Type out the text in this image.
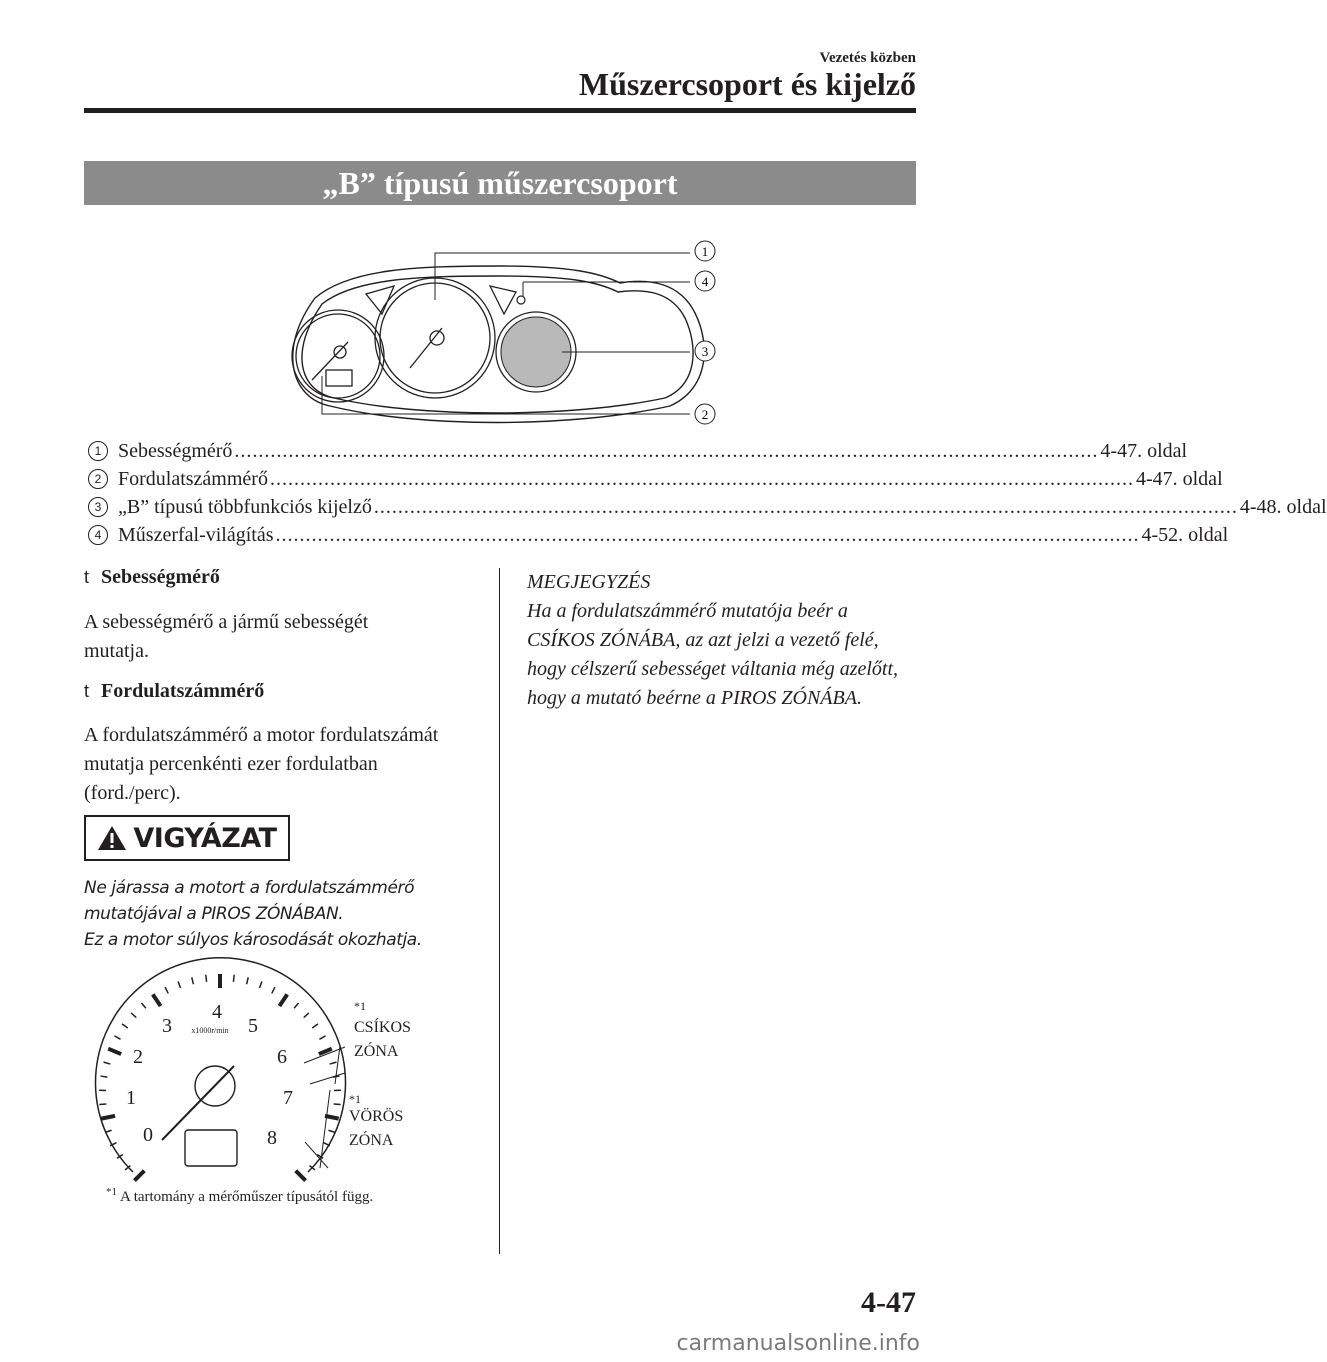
Vezetés közben
Műszercsoport és kijelző
„B” típusú műszercsoport
1
4
3
2
1 Sebességmérő ................................................................................................................................................ 4-47. oldal
2 Fordulatszámmérő ................................................................................................................................................ 4-47. oldal
3 „B” típusú többfunkciós kijelző ................................................................................................................................................ 4-48. oldal
4 Műszerfal-világítás ................................................................................................................................................ 4-52. oldal
t Sebességmérő
A sebességmérő a jármű sebességét mutatja.
t Fordulatszámmérő
A fordulatszámmérő a motor fordulatszámát mutatja percenkénti ezer fordulatban (ford./perc).
VIGYÁZAT
Ne járassa a motort a fordulatszámmérő
mutatójával a PIROS ZÓNÁBAN.
Ez a motor súlyos károsodását okozhatja.
MEGJEGYZÉS
Ha a fordulatszámmérő mutatója beér a CSÍKOS ZÓNÁBA, az azt jelzi a vezető felé, hogy célszerű sebességet váltania még azelőtt, hogy a mutató beérne a PIROS ZÓNÁBA.
0
1
2
3
4
5
6
7
8
x1000r/min
*1
CSÍKOS
ZÓNA
*1
VÖRÖS
ZÓNA
$^{*1}$ A tartomány a mérőműszer típusától függ.
4-47
carmanualsonline.info
